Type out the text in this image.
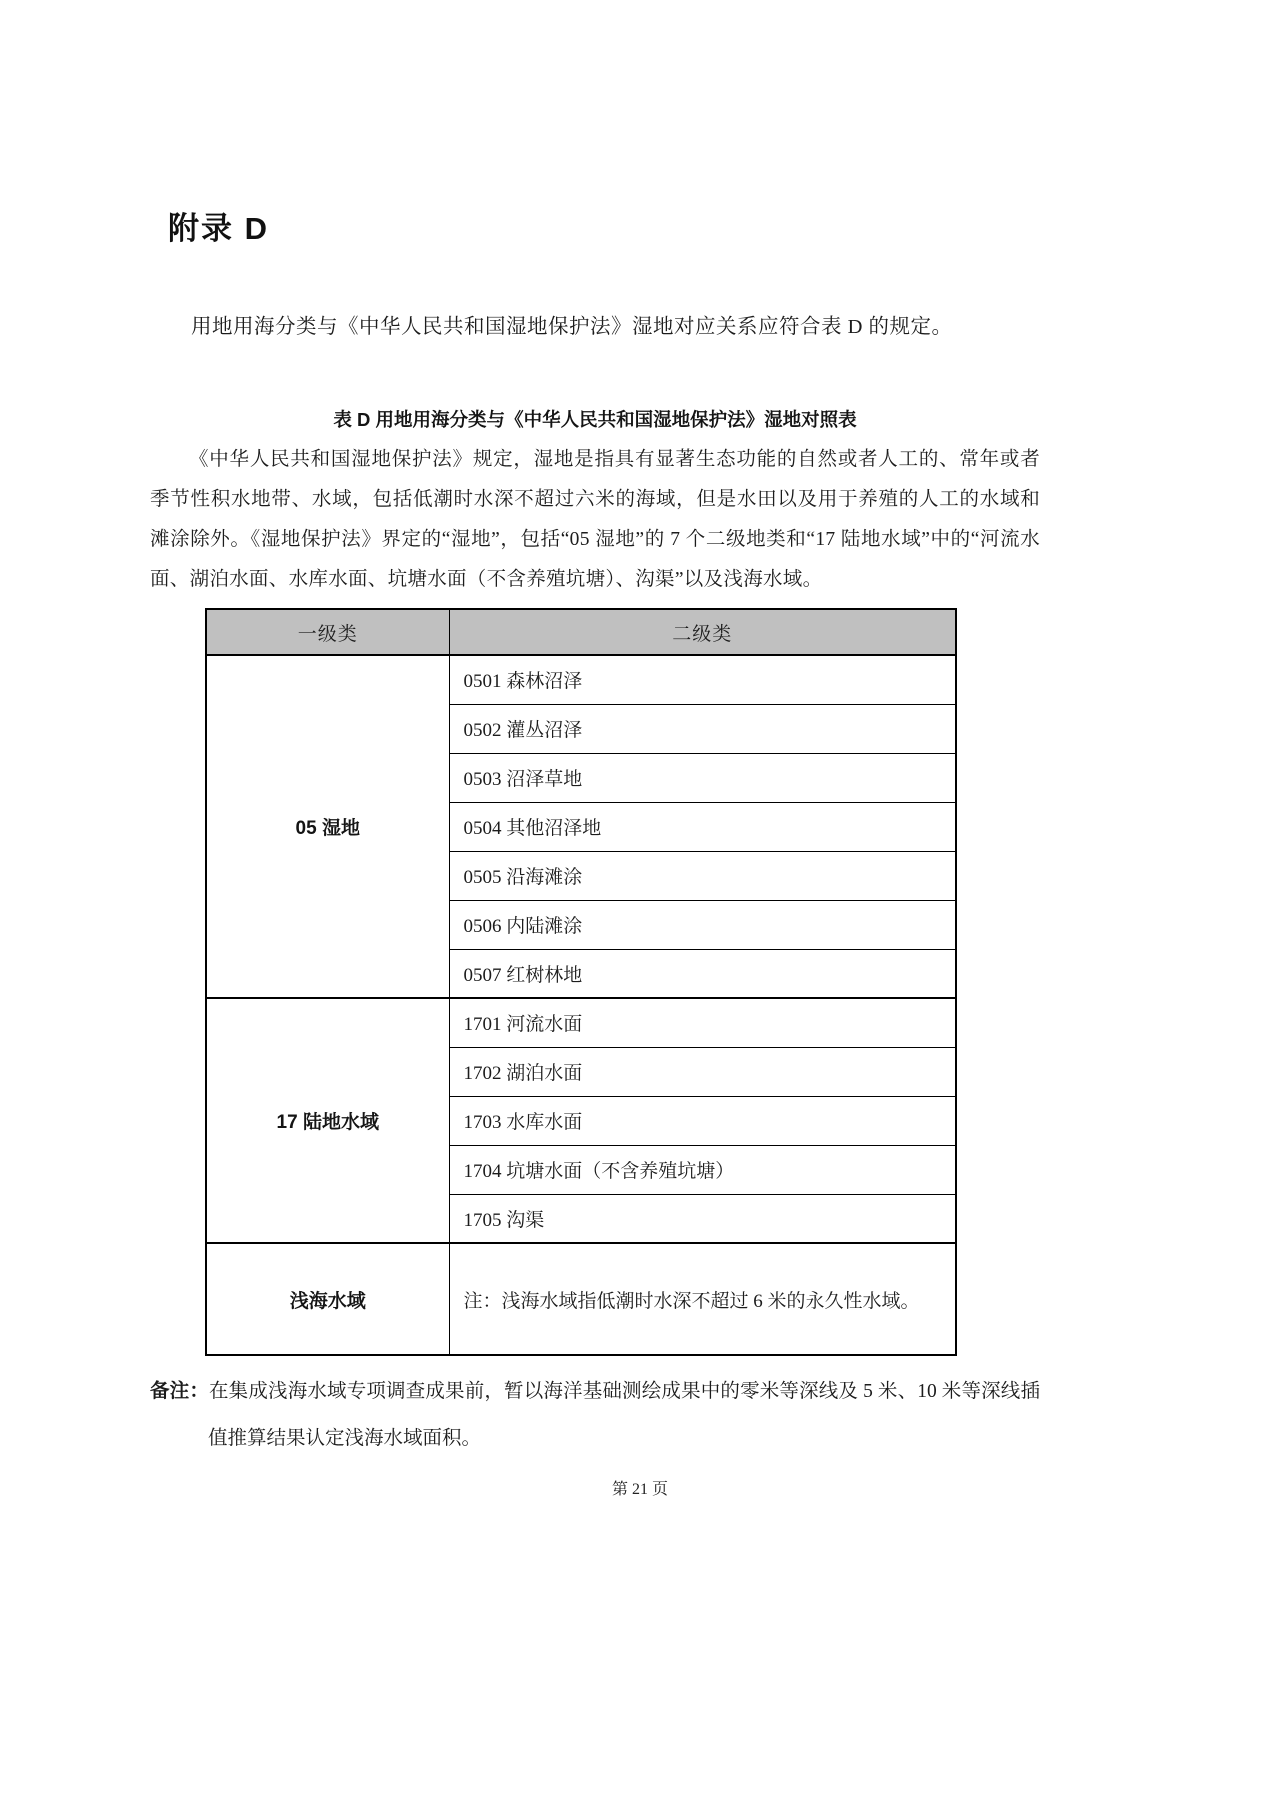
附录 D

用地用海分类与《中华人民共和国湿地保护法》湿地对应关系应符合表 D 的规定。

表 D 用地用海分类与《中华人民共和国湿地保护法》湿地对照表

《中华人民共和国湿地保护法》规定，湿地是指具有显著生态功能的自然或者人工的、常年或者季节性积水地带、水域，包括低潮时水深不超过六米的海域，但是水田以及用于养殖的人工的水域和滩涂除外。《湿地保护法》界定的“湿地”，包括“05 湿地”的 7 个二级地类和“17 陆地水域”中的“河流水面、湖泊水面、水库水面、坑塘水面（不含养殖坑塘）、沟渠”以及浅海水域。

一级类	二级类
05 湿地	0501 森林沼泽
	0502 灌丛沼泽
	0503 沼泽草地
	0504 其他沼泽地
	0505 沿海滩涂
	0506 内陆滩涂
	0507 红树林地
17 陆地水域	1701 河流水面
	1702 湖泊水面
	1703 水库水面
	1704 坑塘水面（不含养殖坑塘）
	1705 沟渠
浅海水域	注：浅海水域指低潮时水深不超过 6 米的永久性水域。

备注：在集成浅海水域专项调查成果前，暂以海洋基础测绘成果中的零米等深线及 5 米、10 米等深线插值推算结果认定浅海水域面积。

第 21 页
